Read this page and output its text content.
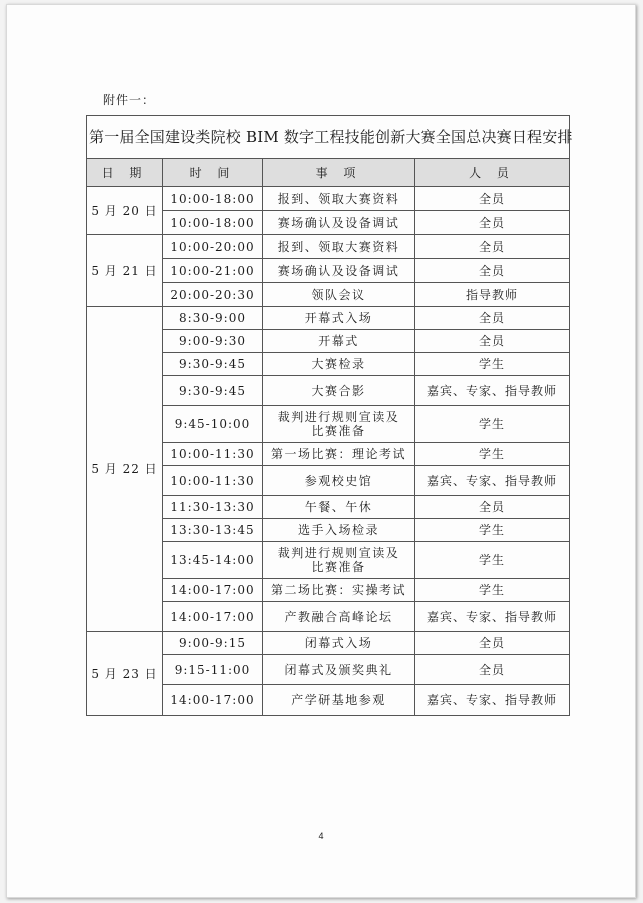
附件一：
第一届全国建设类院校 BIM 数字工程技能创新大赛全国总决赛日程安排			
日 期	时 间	事 项	人 员
5 月 20 日	10:00-18:00	报到、领取大赛资料	全员
	10:00-18:00	赛场确认及设备调试	全员
5 月 21 日	10:00-20:00	报到、领取大赛资料	全员
	10:00-21:00	赛场确认及设备调试	全员
	20:00-20:30	领队会议	指导教师
5 月 22 日	8:30-9:00	开幕式入场	全员
	9:00-9:30	开幕式	全员
	9:30-9:45	大赛检录	学生
	9:30-9:45	大赛合影	嘉宾、专家、指导教师
	9:45-10:00	裁判进行规则宣读及比赛准备	学生
	10:00-11:30	第一场比赛：理论考试	学生
	10:00-11:30	参观校史馆	嘉宾、专家、指导教师
	11:30-13:30	午餐、午休	全员
	13:30-13:45	选手入场检录	学生
	13:45-14:00	裁判进行规则宣读及比赛准备	学生
	14:00-17:00	第二场比赛：实操考试	学生
	14:00-17:00	产教融合高峰论坛	嘉宾、专家、指导教师
5 月 23 日	9:00-9:15	闭幕式入场	全员
	9:15-11:00	闭幕式及颁奖典礼	全员
	14:00-17:00	产学研基地参观	嘉宾、专家、指导教师
4
